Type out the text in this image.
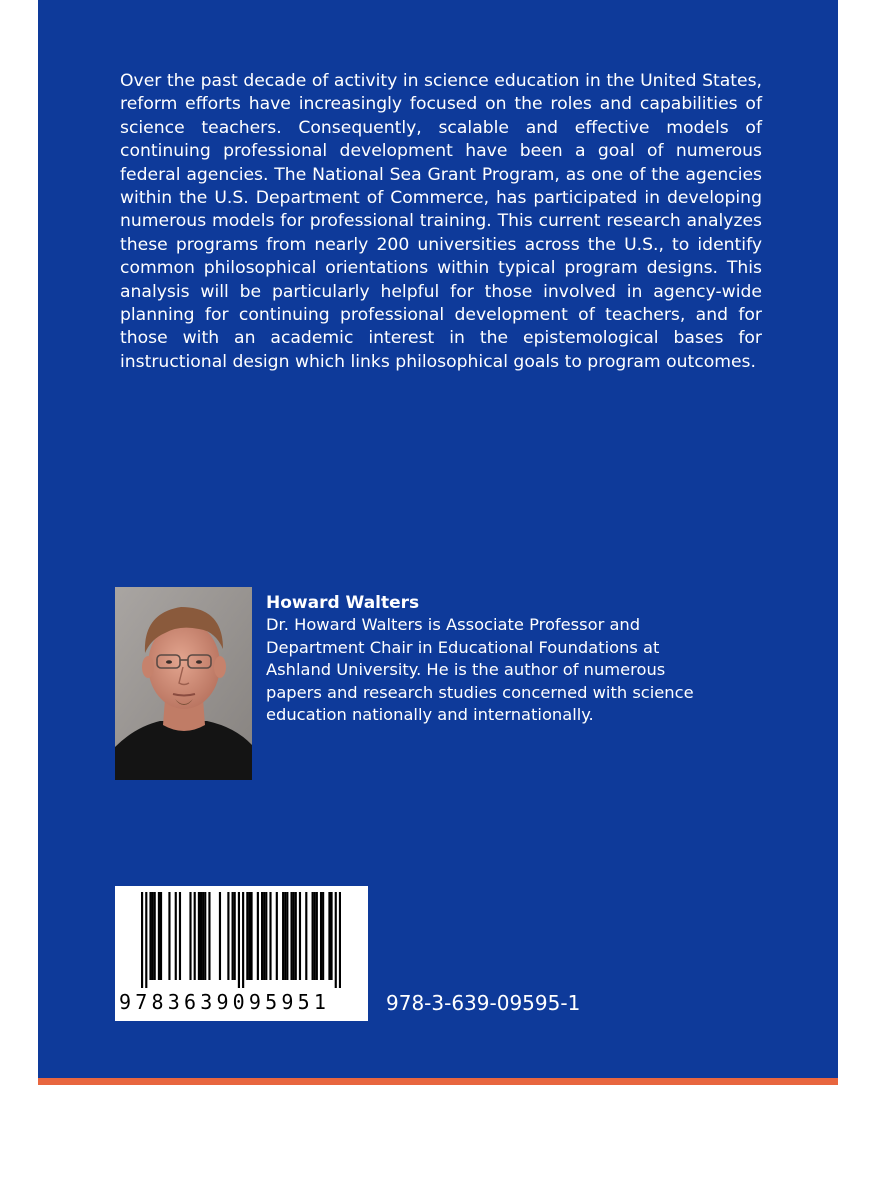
Over the past decade of activity in science education in the United States, reform efforts have increasingly focused on the roles and capabilities of science teachers. Consequently, scalable and effective models of continuing professional development have been a goal of numerous federal agencies. The National Sea Grant Program, as one of the agencies within the U.S. Department of Commerce, has participated in developing numerous models for professional training. This current research analyzes these programs from nearly 200 universities across the U.S., to identify common philosophical orientations within typical program designs. This analysis will be particularly helpful for those involved in agency-wide planning for continuing professional development of teachers, and for those with an academic interest in the epistemological bases for instructional design which links philosophical goals to program outcomes.

Howard Walters

Dr. Howard Walters is Associate Professor and Department Chair in Educational Foundations at Ashland University. He is the author of numerous papers and research studies concerned with science education nationally and internationally.

9783639095951	978-3-639-09595-1
